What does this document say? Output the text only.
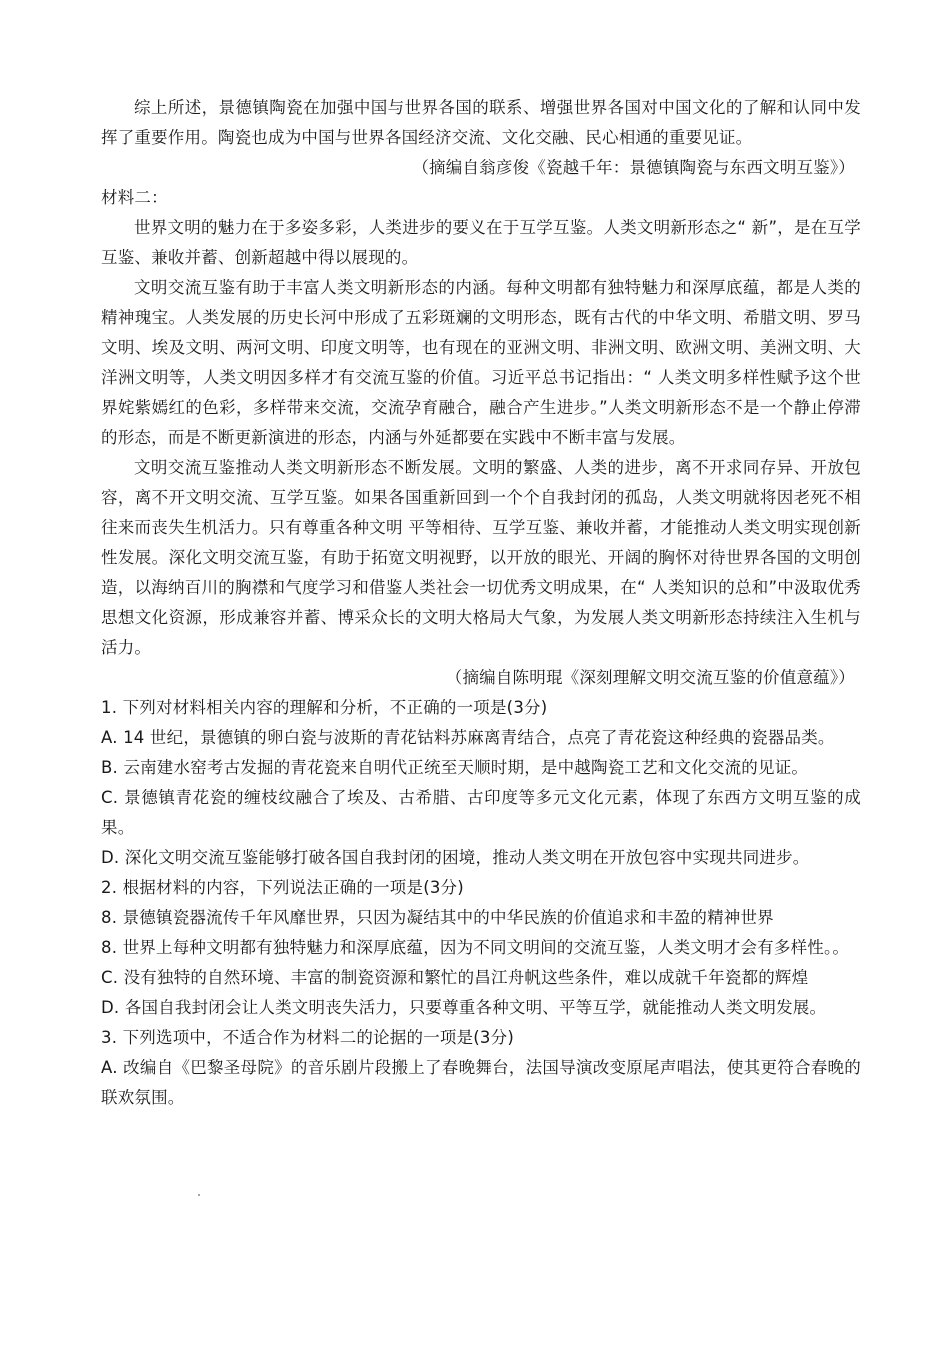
综上所述，景德镇陶瓷在加强中国与世界各国的联系、增强世界各国对中国文化的了解和认同中发挥了重要作用。陶瓷也成为中国与世界各国经济交流、文化交融、民心相通的重要见证。

（摘编自翁彦俊《瓷越千年：景德镇陶瓷与东西文明互鉴》）

材料二：

世界文明的魅力在于多姿多彩，人类进步的要义在于互学互鉴。人类文明新形态之“ 新”，是在互学互鉴、兼收并蓄、创新超越中得以展现的。

文明交流互鉴有助于丰富人类文明新形态的内涵。每种文明都有独特魅力和深厚底蕴，都是人类的精神瑰宝。人类发展的历史长河中形成了五彩斑斓的文明形态，既有古代的中华文明、希腊文明、罗马文明、埃及文明、两河文明、印度文明等，也有现在的亚洲文明、非洲文明、欧洲文明、美洲文明、大洋洲文明等，人类文明因多样才有交流互鉴的价值。习近平总书记指出：“ 人类文明多样性赋予这个世界姹紫嫣红的色彩，多样带来交流，交流孕育融合，融合产生进步。”人类文明新形态不是一个静止停滞的形态，而是不断更新演进的形态，内涵与外延都要在实践中不断丰富与发展。

文明交流互鉴推动人类文明新形态不断发展。文明的繁盛、人类的进步，离不开求同存异、开放包容，离不开文明交流、互学互鉴。如果各国重新回到一个个自我封闭的孤岛，人类文明就将因老死不相往来而丧失生机活力。只有尊重各种文明 平等相待、互学互鉴、兼收并蓄，才能推动人类文明实现创新性发展。深化文明交流互鉴，有助于拓宽文明视野，以开放的眼光、开阔的胸怀对待世界各国的文明创造，以海纳百川的胸襟和气度学习和借鉴人类社会一切优秀文明成果，在“ 人类知识的总和”中汲取优秀思想文化资源，形成兼容并蓄、博采众长的文明大格局大气象，为发展人类文明新形态持续注入生机与活力。

（摘编自陈明琨《深刻理解文明交流互鉴的价值意蕴》）

1. 下列对材料相关内容的理解和分析，不正确的一项是(3分)

A. 14 世纪，景德镇的卵白瓷与波斯的青花钴料苏麻离青结合，点亮了青花瓷这种经典的瓷器品类。

B. 云南建水窑考古发掘的青花瓷来自明代正统至天顺时期，是中越陶瓷工艺和文化交流的见证。

C. 景德镇青花瓷的缠枝纹融合了埃及、古希腊、古印度等多元文化元素，体现了东西方文明互鉴的成果。

D. 深化文明交流互鉴能够打破各国自我封闭的困境，推动人类文明在开放包容中实现共同进步。

2. 根据材料的内容，下列说法正确的一项是(3分)

8. 景德镇瓷器流传千年风靡世界，只因为凝结其中的中华民族的价值追求和丰盈的精神世界

8. 世界上每种文明都有独特魅力和深厚底蕴，因为不同文明间的交流互鉴，人类文明才会有多样性。。

C. 没有独特的自然环境、丰富的制瓷资源和繁忙的昌江舟帆这些条件，难以成就千年瓷都的辉煌

D. 各国自我封闭会让人类文明丧失活力，只要尊重各种文明、平等互学，就能推动人类文明发展。

3. 下列选项中，不适合作为材料二的论据的一项是(3分)

A. 改编自《巴黎圣母院》的音乐剧片段搬上了春晚舞台，法国导演改变原尾声唱法，使其更符合春晚的联欢氛围。
